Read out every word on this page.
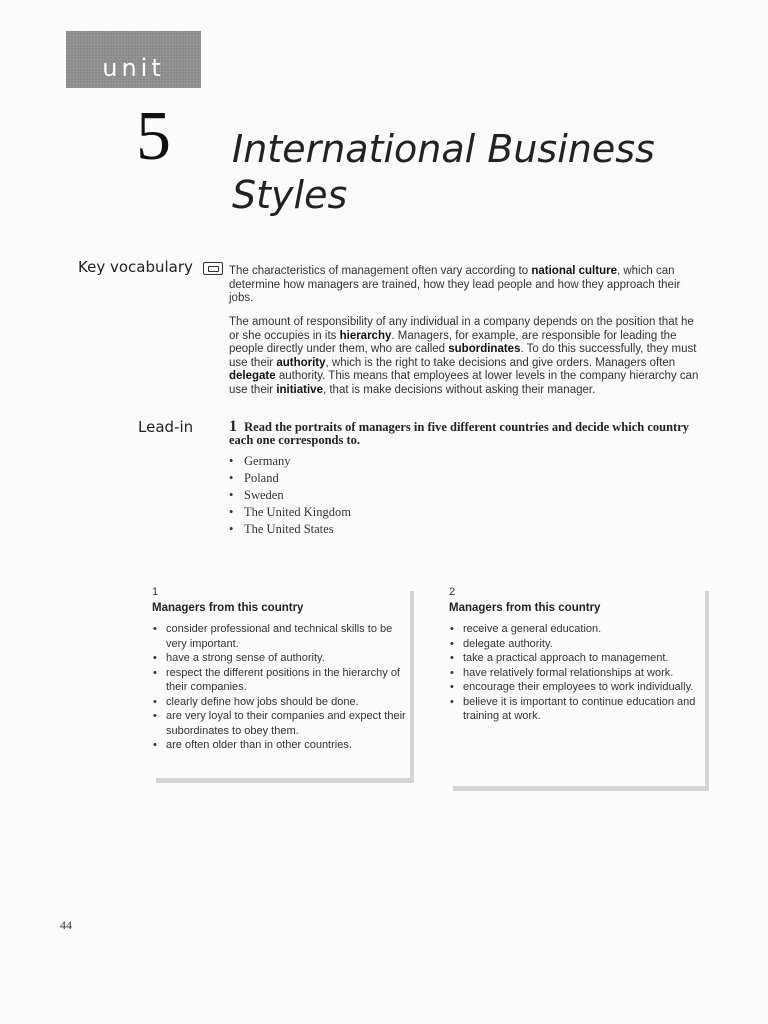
unit
5 International Business Styles
Key vocabulary	The characteristics of management often vary according to national culture, which can determine how managers are trained, how they lead people and how they approach their jobs.
The amount of responsibility of any individual in a company depends on the position that he or she occupies in its hierarchy. Managers, for example, are responsible for leading the people directly under them, who are called subordinates. To do this successfully, they must use their authority, which is the right to take decisions and give orders. Managers often delegate authority. This means that employees at lower levels in the company hierarchy can use their initiative, that is make decisions without asking their manager.
Lead-in 1 Read the portraits of managers in five different countries and decide which country each one corresponds to.
• Germany
• Poland
• Sweden
• The United Kingdom
• The United States
1
Managers from this country
• consider professional and technical skills to be very important.
• have a strong sense of authority.
• respect the different positions in the hierarchy of their companies.
• clearly define how jobs should be done.
• are very loyal to their companies and expect their subordinates to obey them.
• are often older than in other countries.
2
Managers from this country
• receive a general education.
• delegate authority.
• take a practical approach to management.
• have relatively formal relationships at work.
• encourage their employees to work individually.
• believe it is important to continue education and training at work.
44
